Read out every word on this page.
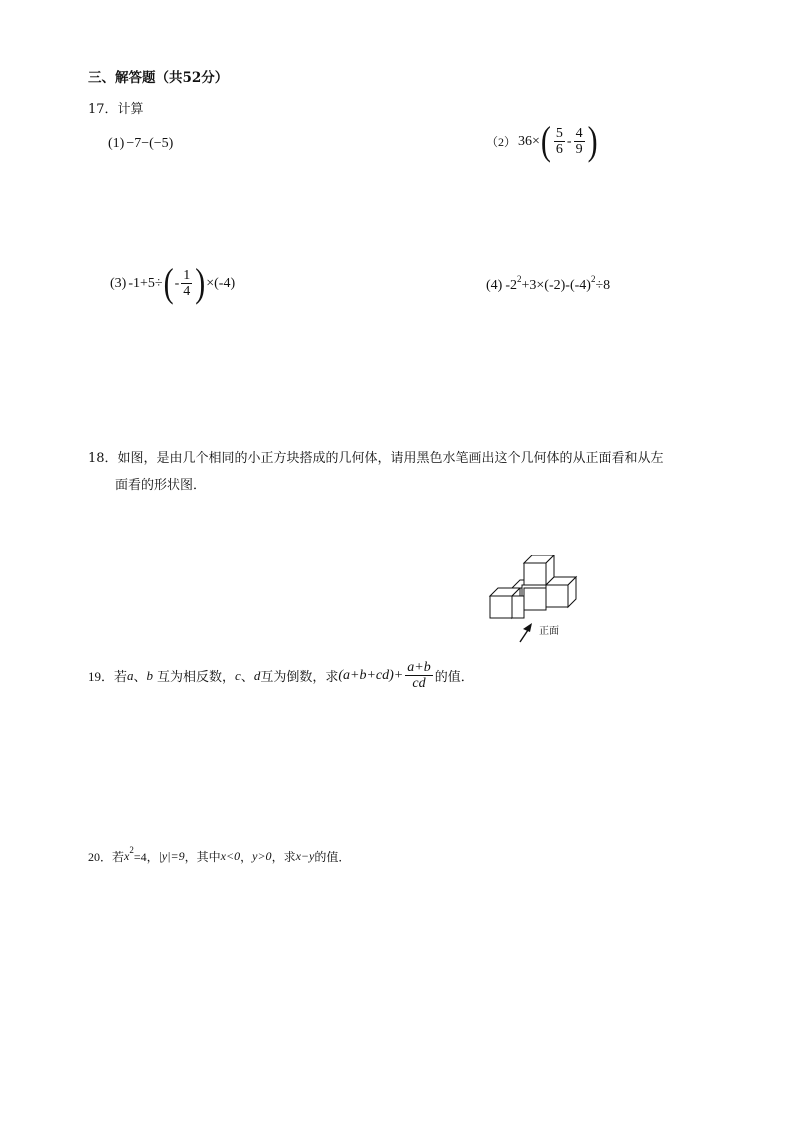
三、解答题（共52分）
17．计算
(1) −7−(−5)	（2） 36× ( $\frac{5}{6} - \frac{4}{9}$ )
(3) -1+5÷ ( - $\frac{1}{4}$ ) ×(-4)	(4) -2 2 +3×(-2)-(-4) 2 ÷8
18．如图，是由几个相同的小正方块搭成的几何体，请用黑色水笔画出这个几何体的从正面看和从左
面看的形状图．
正面
19．若 a 、 b 互为相反数， c 、 d 互为倒数，求 $(a+b+cd)+ \frac{a+b}{cd}$ 的值．
20．若 x 2
=4， |y|=9 ，其中 x<0 ， y>0 ，求 x−y 的值．
